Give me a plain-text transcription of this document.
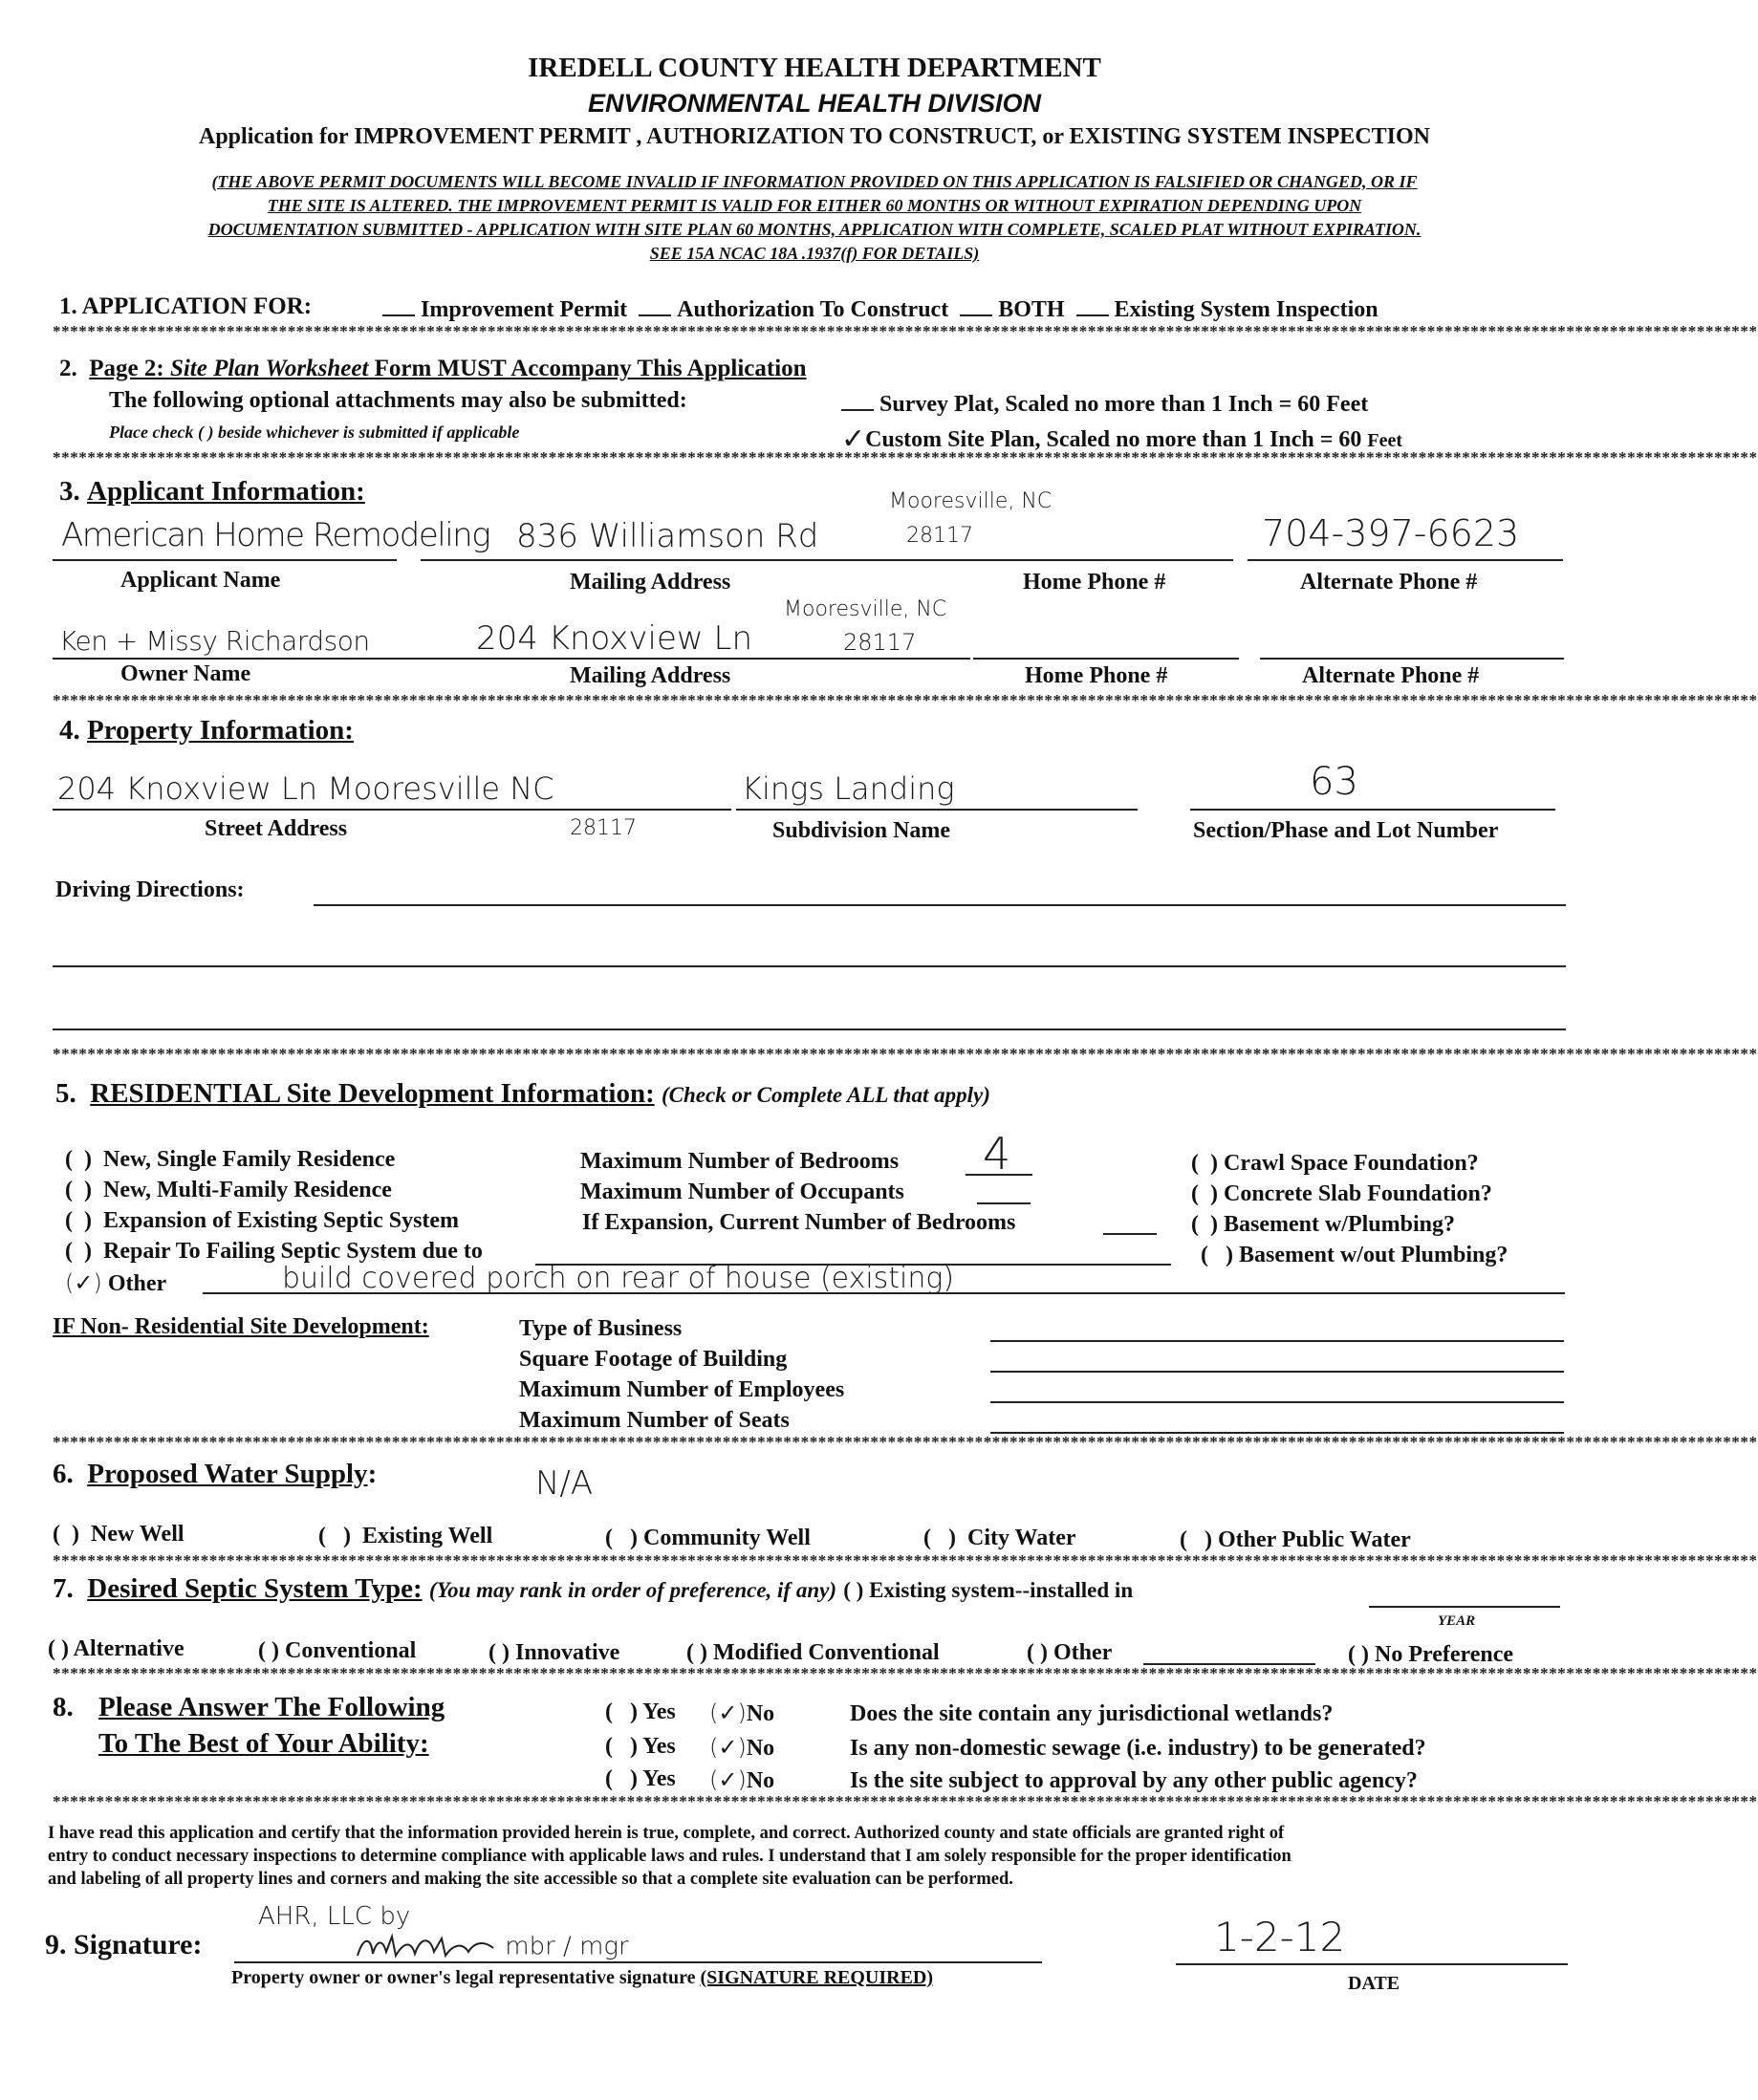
IREDELL COUNTY HEALTH DEPARTMENT
ENVIRONMENTAL HEALTH DIVISION
Application for IMPROVEMENT PERMIT , AUTHORIZATION TO CONSTRUCT, or EXISTING SYSTEM INSPECTION
(THE ABOVE PERMIT DOCUMENTS WILL BECOME INVALID IF INFORMATION PROVIDED ON THIS APPLICATION IS FALSIFIED OR CHANGED, OR IF
THE SITE IS ALTERED. THE IMPROVEMENT PERMIT IS VALID FOR EITHER 60 MONTHS OR WITHOUT EXPIRATION DEPENDING UPON
DOCUMENTATION SUBMITTED - APPLICATION WITH SITE PLAN 60 MONTHS, APPLICATION WITH COMPLETE, SCALED PLAT WITHOUT EXPIRATION.
SEE 15A NCAC 18A .1937(f) FOR DETAILS)
1. APPLICATION FOR:	Improvement Permit Authorization To Construct BOTH Existing System Inspection
****************************************************************************************************************************************************************************************************
2. Page 2: Site Plan Worksheet Form MUST Accompany This Application
The following optional attachments may also be submitted:
Place check ( ) beside whichever is submitted if applicable
Survey Plat, Scaled no more than 1 Inch = 60 Feet
✓Custom Site Plan, Scaled no more than 1 Inch = 60 Feet
****************************************************************************************************************************************************************************************************
3. Applicant Information:
American Home Remodeling 836 Williamson Rd
Mooresville, NC
28117	704-397-6623
Applicant Name	Mailing Address	Home Phone #	Alternate Phone #
Ken + Missy Richardson	204 Knoxview Ln
Mooresville, NC
28117
Owner Name	Mailing Address	Home Phone #	Alternate Phone #
****************************************************************************************************************************************************************************************************
4. Property Information:
204 Knoxview Ln Mooresville NC
28117
Kings Landing	63
Street Address	Subdivision Name	Section/Phase and Lot Number
Driving Directions:
****************************************************************************************************************************************************************************************************
5. RESIDENTIAL Site Development Information: (Check or Complete ALL that apply)
(  )  New, Single Family Residence
(  )  New, Multi-Family Residence
(  )  Expansion of Existing Septic System
(  )  Repair To Failing Septic System due to
(✓) Other	build covered porch on rear of house (existing)
Maximum Number of Bedrooms 4
Maximum Number of Occupants
If Expansion, Current Number of Bedrooms
(  ) Crawl Space Foundation?
(  ) Concrete Slab Foundation?
(  ) Basement w/Plumbing?
(   ) Basement w/out Plumbing?
IF Non- Residential Site Development:	Type of Business
Square Footage of Building
Maximum Number of Employees
Maximum Number of Seats
****************************************************************************************************************************************************************************************************
6. Proposed Water Supply:	N/A
(  )  New Well	(   )  Existing Well	(   ) Community Well	(   )  City Water	(   ) Other Public Water
****************************************************************************************************************************************************************************************************
7. Desired Septic System Type: (You may rank in order of preference, if any) ( ) Existing system--installed in
YEAR
( ) Alternative	( ) Conventional	( ) Innovative	( ) Modified Conventional	( ) Other	( ) No Preference
****************************************************************************************************************************************************************************************************
8. Please Answer The Following
To The Best of Your Ability:
(   ) Yes (✓)No	Does the site contain any jurisdictional wetlands?
(   ) Yes (✓)No	Is any non-domestic sewage (i.e. industry) to be generated?
(   ) Yes (✓)No	Is the site subject to approval by any other public agency?
****************************************************************************************************************************************************************************************************
I have read this application and certify that the information provided herein is true, complete, and correct. Authorized county and state officials are granted right of
entry to conduct necessary inspections to determine compliance with applicable laws and rules. I understand that I am solely responsible for the proper identification
and labeling of all property lines and corners and making the site accessible so that a complete site evaluation can be performed.
9. Signature:
AHR, LLC by
mbr / mgr	1-2-12
Property owner or owner's legal representative signature (SIGNATURE REQUIRED)	DATE
